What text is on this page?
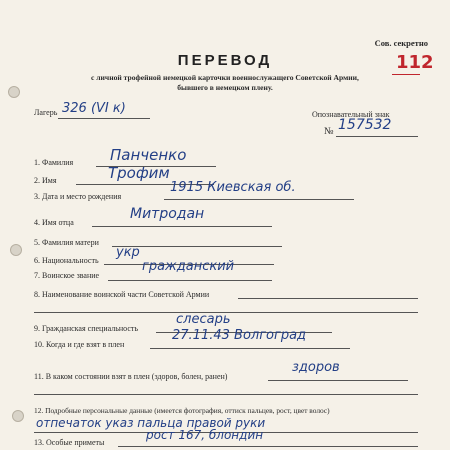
Сов. секретно
112
ПЕРЕВОД
с личной трофейной немецкой карточки военнослужащего Советской Армии,
бывшего в немецком плену.
Лагерь 326 (VI к)	Опознавательный знак
№ 157532
1. Фамилия Панченко
2. Имя	Трофим
3. Дата и место рождения
1915 Киевская об.
4. Имя отца
Митродан
5. Фамилия матери
6. Национальность
укр
7. Воинское звание
гражданский
8. Наименование воинской части Советской Армии
9. Гражданская специальность
слесарь
10. Когда и где взят в плен
27.11.43 Волгоград
11. В каком состоянии взят в плен (здоров, болен, ранен)
здоров
12. Подробные персональные данные (имеется фотография, оттиск пальцев, рост, цвет волос)
отпечаток указ пальца правой руки
13. Особые приметы
рост 167, блондин
